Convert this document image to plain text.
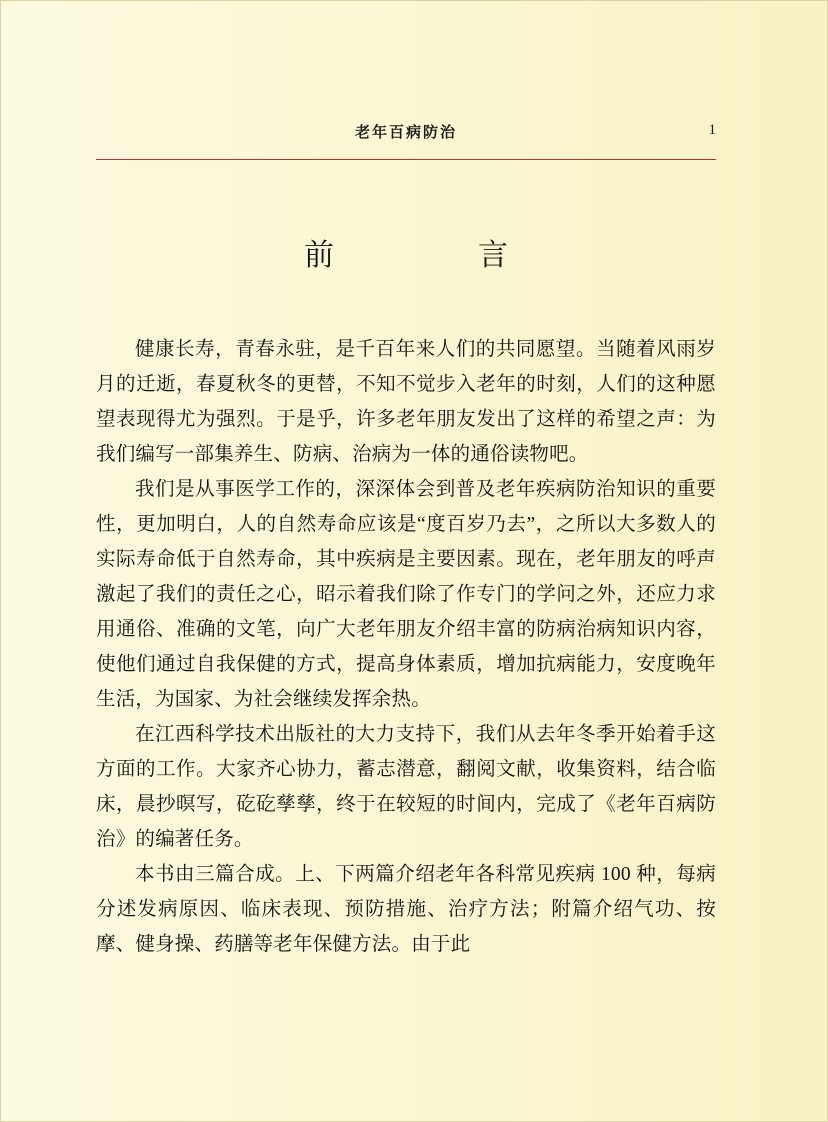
老年百病防治	1
前　　言

健康长寿，青春永驻，是千百年来人们的共同愿望。当随着风雨岁月的迁逝，春夏秋冬的更替，不知不觉步入老年的时刻，人们的这种愿望表现得尤为强烈。于是乎，许多老年朋友发出了这样的希望之声：为我们编写一部集养生、防病、治病为一体的通俗读物吧。

我们是从事医学工作的，深深体会到普及老年疾病防治知识的重要性，更加明白，人的自然寿命应该是“度百岁乃去”，之所以大多数人的实际寿命低于自然寿命，其中疾病是主要因素。现在，老年朋友的呼声激起了我们的责任之心，昭示着我们除了作专门的学问之外，还应力求用通俗、准确的文笔，向广大老年朋友介绍丰富的防病治病知识内容，使他们通过自我保健的方式，提高身体素质，增加抗病能力，安度晚年生活，为国家、为社会继续发挥余热。

在江西科学技术出版社的大力支持下，我们从去年冬季开始着手这方面的工作。大家齐心协力，蓄志潜意，翻阅文献，收集资料，结合临床，晨抄暝写，矻矻孳孳，终于在较短的时间内，完成了《老年百病防治》的编著任务。

本书由三篇合成。上、下两篇介绍老年各科常见疾病 100 种，每病分述发病原因、临床表现、预防措施、治疗方法；附篇介绍气功、按摩、健身操、药膳等老年保健方法。由于此
